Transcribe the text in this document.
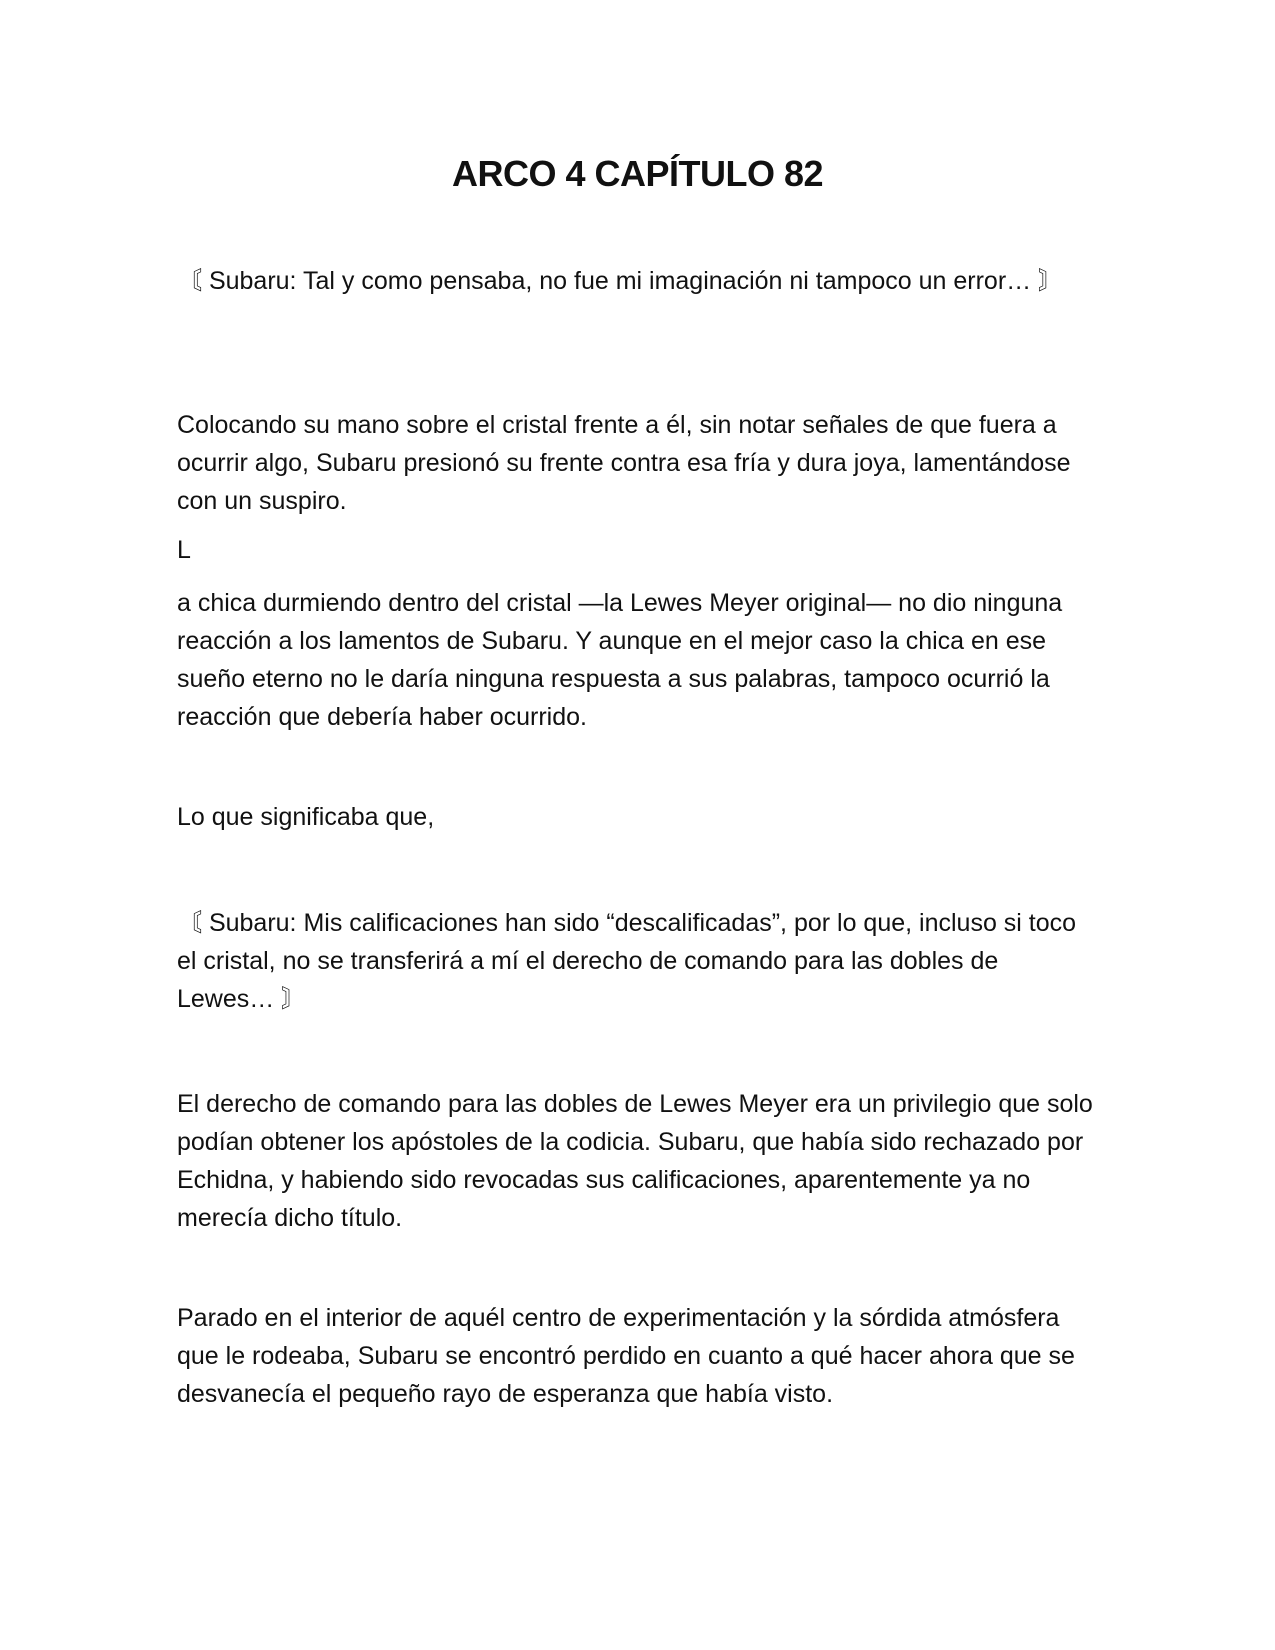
ARCO 4 CAPÍTULO 82

〘 Subaru: Tal y como pensaba, no fue mi imaginación ni tampoco un error… 〙

Colocando su mano sobre el cristal frente a él, sin notar señales de que fuera a ocurrir algo, Subaru presionó su frente contra esa fría y dura joya, lamentándose con un suspiro.

L

a chica durmiendo dentro del cristal —la Lewes Meyer original— no dio ninguna reacción a los lamentos de Subaru. Y aunque en el mejor caso la chica en ese sueño eterno no le daría ninguna respuesta a sus palabras, tampoco ocurrió la reacción que debería haber ocurrido.

Lo que significaba que,

〘 Subaru: Mis calificaciones han sido “descalificadas”, por lo que, incluso si toco el cristal, no se transferirá a mí el derecho de comando para las dobles de Lewes… 〙

El derecho de comando para las dobles de Lewes Meyer era un privilegio que solo podían obtener los apóstoles de la codicia. Subaru, que había sido rechazado por Echidna, y habiendo sido revocadas sus calificaciones, aparentemente ya no merecía dicho título.

Parado en el interior de aquél centro de experimentación y la sórdida atmósfera que le rodeaba, Subaru se encontró perdido en cuanto a qué hacer ahora que se desvanecía el pequeño rayo de esperanza que había visto.
